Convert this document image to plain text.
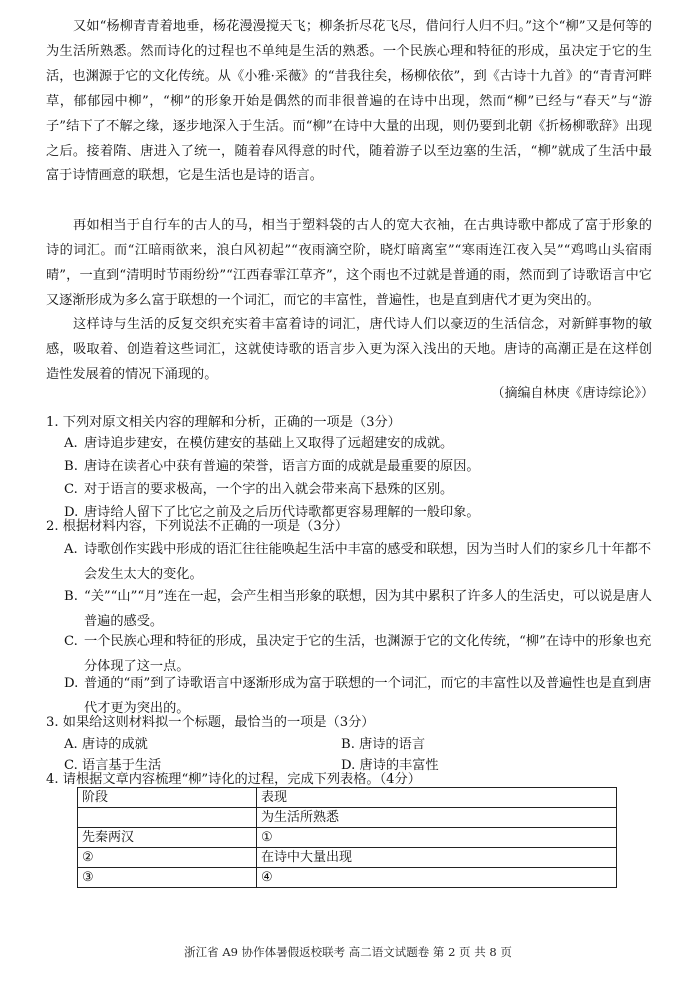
又如“杨柳青青着地垂，杨花漫漫搅天飞；柳条折尽花飞尽，借问行人归不归。”这个“柳”又是何等的为生活所熟悉。然而诗化的过程也不单纯是生活的熟悉。一个民族心理和特征的形成，虽决定于它的生活，也渊源于它的文化传统。从《小雅·采薇》的“昔我往矣，杨柳依依”，到《古诗十九首》的“青青河畔草，郁郁园中柳”，“柳”的形象开始是偶然的而非很普遍的在诗中出现，然而“柳”已经与“春天”与“游子”结下了不解之缘，逐步地深入于生活。而“柳”在诗中大量的出现，则仍要到北朝《折杨柳歌辞》出现之后。接着隋、唐进入了统一，随着春风得意的时代，随着游子以至边塞的生活，“柳”就成了生活中最富于诗情画意的联想，它是生活也是诗的语言。

再如相当于自行车的古人的马，相当于塑料袋的古人的宽大衣袖，在古典诗歌中都成了富于形象的诗的词汇。而“江暗雨欲来，浪白风初起”“夜雨滴空阶，晓灯暗离室”“寒雨连江夜入吴”“鸡鸣山头宿雨晴”，一直到“清明时节雨纷纷”“江西春霏江草齐”，这个雨也不过就是普通的雨，然而到了诗歌语言中它又逐渐形成为多么富于联想的一个词汇，而它的丰富性，普遍性，也是直到唐代才更为突出的。

这样诗与生活的反复交织充实着丰富着诗的词汇，唐代诗人们以豪迈的生活信念，对新鲜事物的敏感，吸取着、创造着这些词汇，这就使诗歌的语言步入更为深入浅出的天地。唐诗的高潮正是在这样创造性发展着的情况下涌现的。

（摘编自林庚《唐诗综论》）
1. 下列对原文相关内容的理解和分析，正确的一项是（3分）
A. 唐诗追步建安，在模仿建安的基础上又取得了远超建安的成就。
B. 唐诗在读者心中获有普遍的荣誉，语言方面的成就是最重要的原因。
C. 对于语言的要求极高，一个字的出入就会带来高下悬殊的区别。
D. 唐诗给人留下了比它之前及之后历代诗歌都更容易理解的一般印象。
2. 根据材料内容，下列说法不正确的一项是（3分）
A. 诗歌创作实践中形成的语汇往往能唤起生活中丰富的感受和联想，因为当时人们的家乡几十年都不会发生太大的变化。
B. “关”“山”“月”连在一起，会产生相当形象的联想，因为其中累积了许多人的生活史，可以说是唐人普遍的感受。
C. 一个民族心理和特征的形成，虽决定于它的生活，也渊源于它的文化传统，“柳”在诗中的形象也充分体现了这一点。
D. 普通的“雨”到了诗歌语言中逐渐形成为富于联想的一个词汇，而它的丰富性以及普遍性也是直到唐代才更为突出的。
3. 如果给这则材料拟一个标题，最恰当的一项是（3分）
A. 唐诗的成就	B. 唐诗的语言
C. 语言基于生活	D. 唐诗的丰富性
4. 请根据文章内容梳理“柳”诗化的过程，完成下列表格。（4分）
阶段	表现
	为生活所熟悉
先秦两汉	①
②	在诗中大量出现
③	④
浙江省 A9 协作体暑假返校联考 高二语文试题卷 第 2 页 共 8 页
